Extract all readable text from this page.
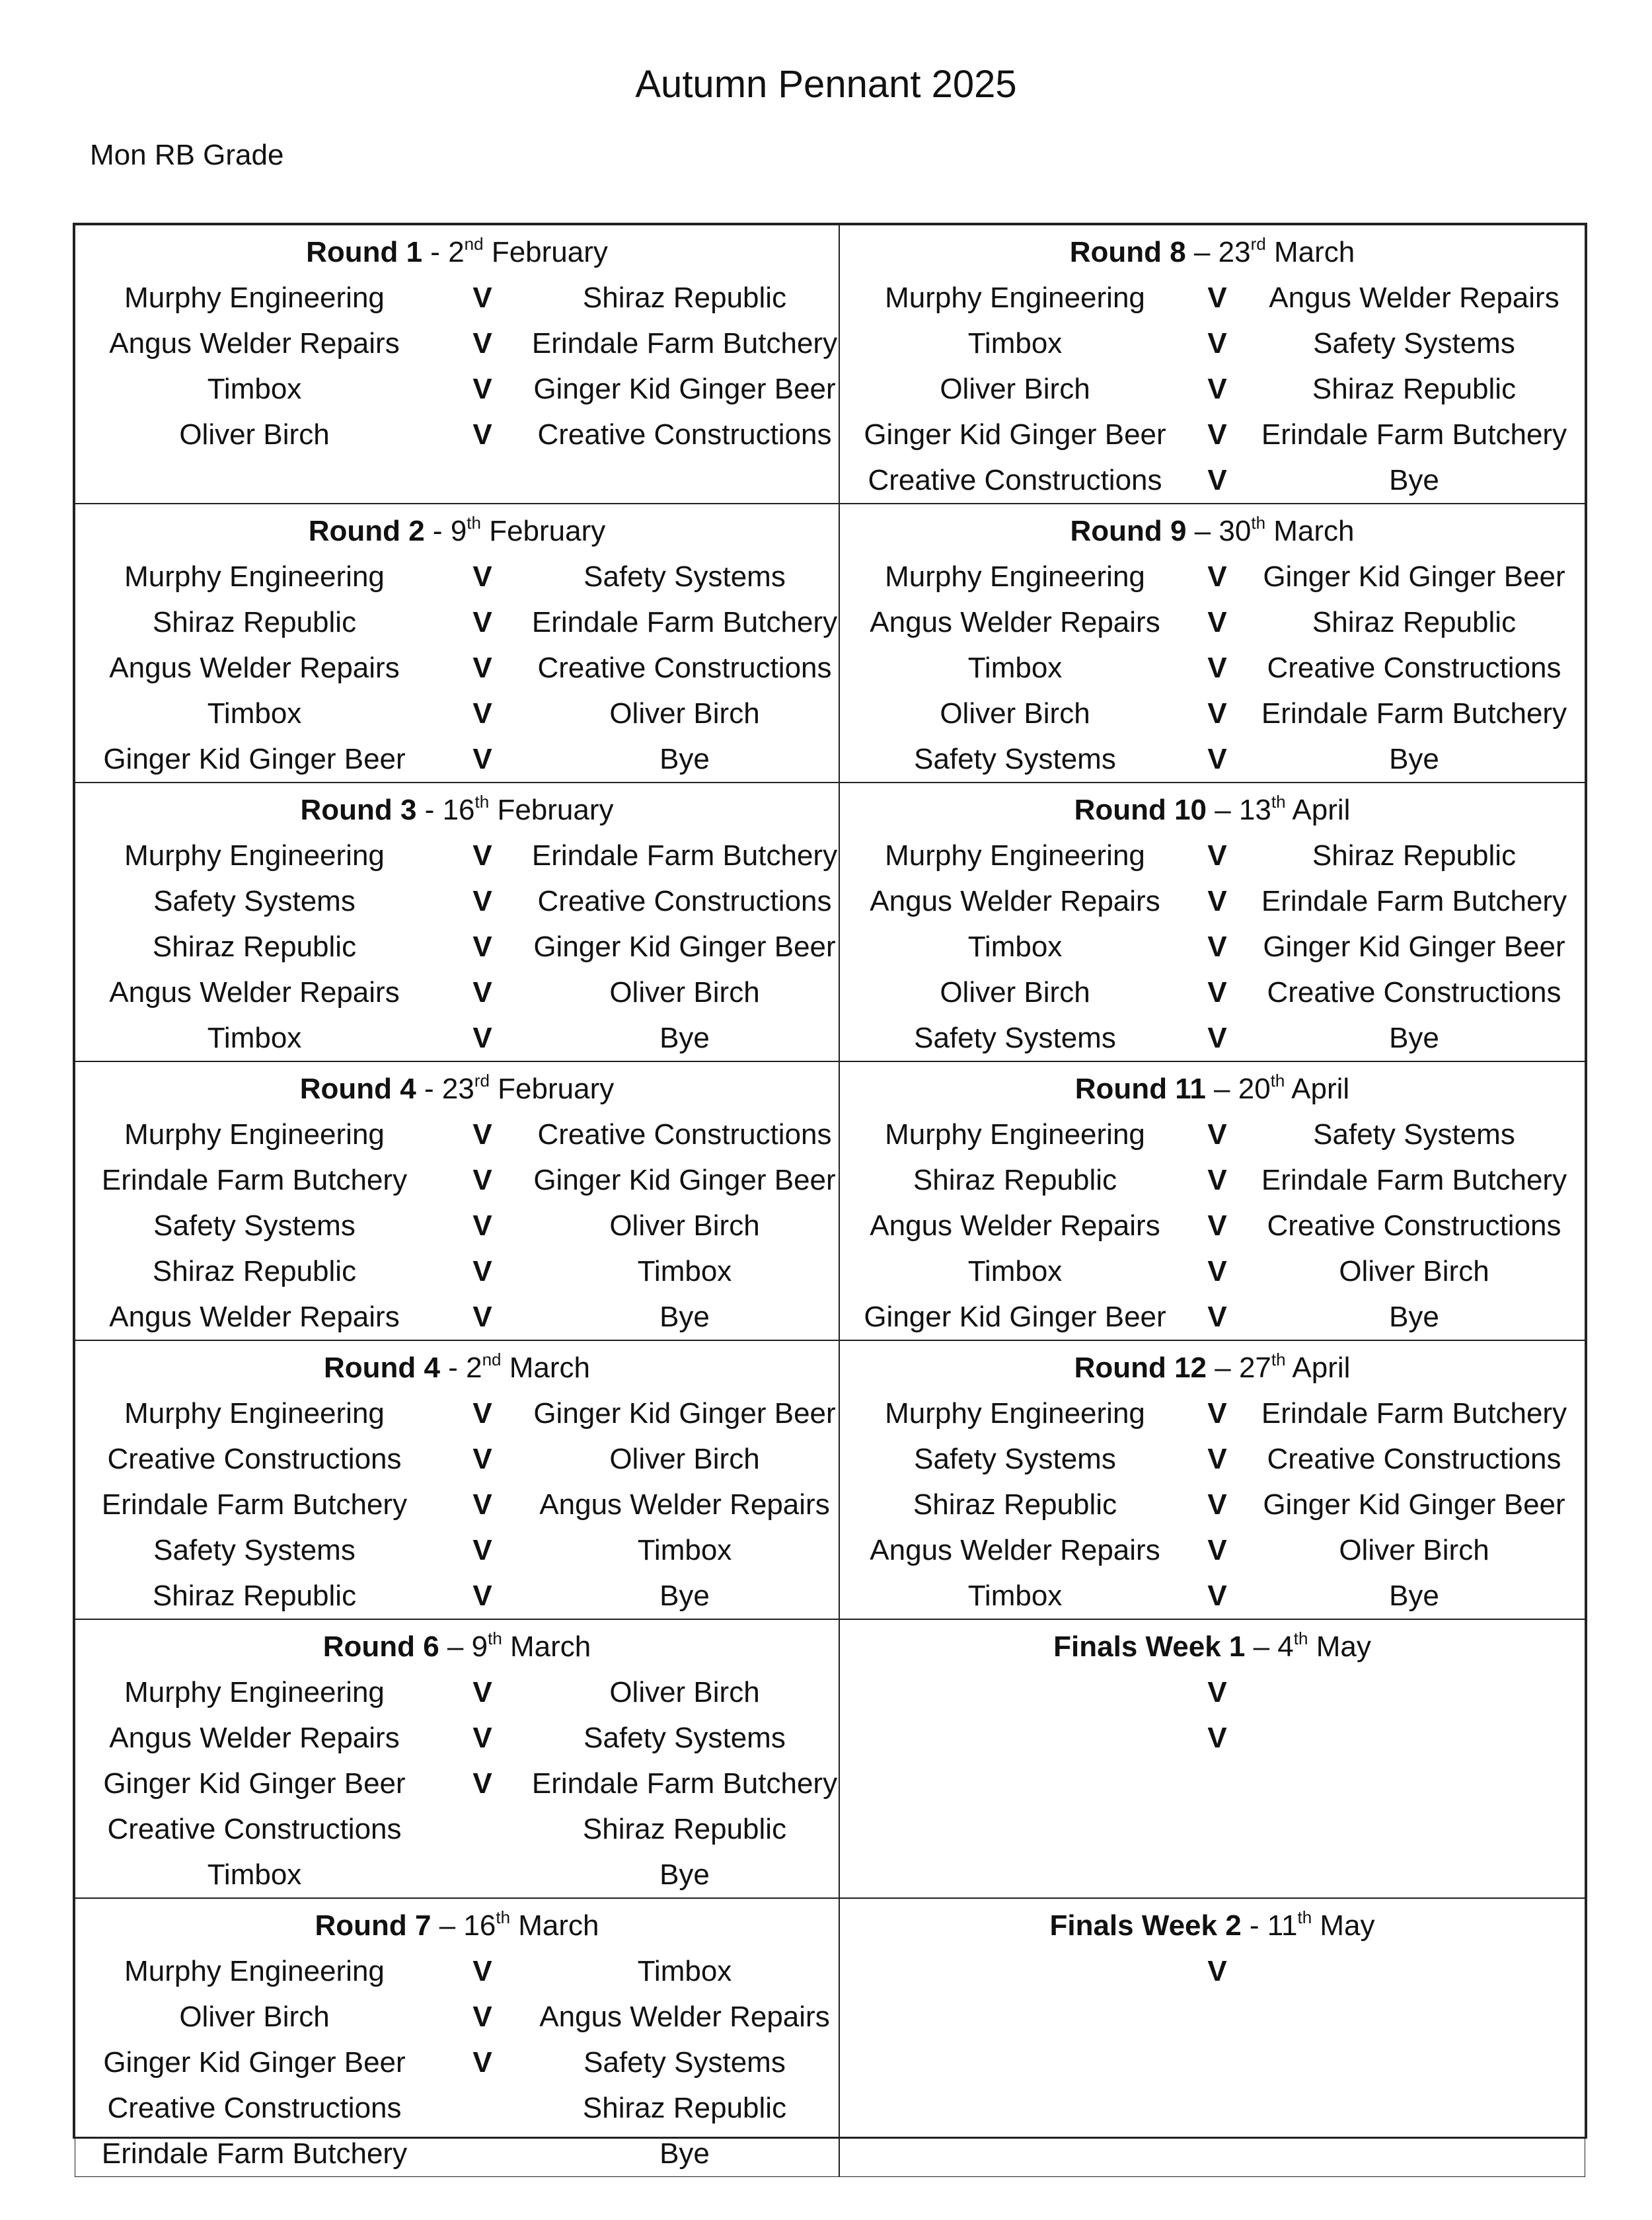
Autumn Pennant 2025
Mon RB Grade
Round 1 - 2nd February
Murphy Engineering	V	Shiraz Republic
Angus Welder Repairs	V	Erindale Farm Butchery
Timbox	V	Ginger Kid Ginger Beer
Oliver Birch	V	Creative Constructions
Round 8 – 23rd March
Murphy Engineering	V	Angus Welder Repairs
Timbox	V	Safety Systems
Oliver Birch	V	Shiraz Republic
Ginger Kid Ginger Beer	V	Erindale Farm Butchery
Creative Constructions	V	Bye
Round 2 - 9th February
Murphy Engineering	V	Safety Systems
Shiraz Republic	V	Erindale Farm Butchery
Angus Welder Repairs	V	Creative Constructions
Timbox	V	Oliver Birch
Ginger Kid Ginger Beer	V	Bye
Round 9 – 30th March
Murphy Engineering	V	Ginger Kid Ginger Beer
Angus Welder Repairs	V	Shiraz Republic
Timbox	V	Creative Constructions
Oliver Birch	V	Erindale Farm Butchery
Safety Systems	V	Bye
Round 3 - 16th February
Murphy Engineering	V	Erindale Farm Butchery
Safety Systems	V	Creative Constructions
Shiraz Republic	V	Ginger Kid Ginger Beer
Angus Welder Repairs	V	Oliver Birch
Timbox	V	Bye
Round 10 – 13th April
Murphy Engineering	V	Shiraz Republic
Angus Welder Repairs	V	Erindale Farm Butchery
Timbox	V	Ginger Kid Ginger Beer
Oliver Birch	V	Creative Constructions
Safety Systems	V	Bye
Round 4 - 23rd February
Murphy Engineering	V	Creative Constructions
Erindale Farm Butchery	V	Ginger Kid Ginger Beer
Safety Systems	V	Oliver Birch
Shiraz Republic	V	Timbox
Angus Welder Repairs	V	Bye
Round 11 – 20th April
Murphy Engineering	V	Safety Systems
Shiraz Republic	V	Erindale Farm Butchery
Angus Welder Repairs	V	Creative Constructions
Timbox	V	Oliver Birch
Ginger Kid Ginger Beer	V	Bye
Round 4 - 2nd March
Murphy Engineering	V	Ginger Kid Ginger Beer
Creative Constructions	V	Oliver Birch
Erindale Farm Butchery	V	Angus Welder Repairs
Safety Systems	V	Timbox
Shiraz Republic	V	Bye
Round 12 – 27th April
Murphy Engineering	V	Erindale Farm Butchery
Safety Systems	V	Creative Constructions
Shiraz Republic	V	Ginger Kid Ginger Beer
Angus Welder Repairs	V	Oliver Birch
Timbox	V	Bye
Round 6 – 9th March
Murphy Engineering	V	Oliver Birch
Angus Welder Repairs	V	Safety Systems
Ginger Kid Ginger Beer	V	Erindale Farm Butchery
Creative Constructions	Shiraz Republic
Timbox	Bye
Finals Week 1 – 4th May
V
V
Round 7 – 16th March
Murphy Engineering	V	Timbox
Oliver Birch	V	Angus Welder Repairs
Ginger Kid Ginger Beer	V	Safety Systems
Creative Constructions	Shiraz Republic
Erindale Farm Butchery	Bye
Finals Week 2 - 11th May
V
